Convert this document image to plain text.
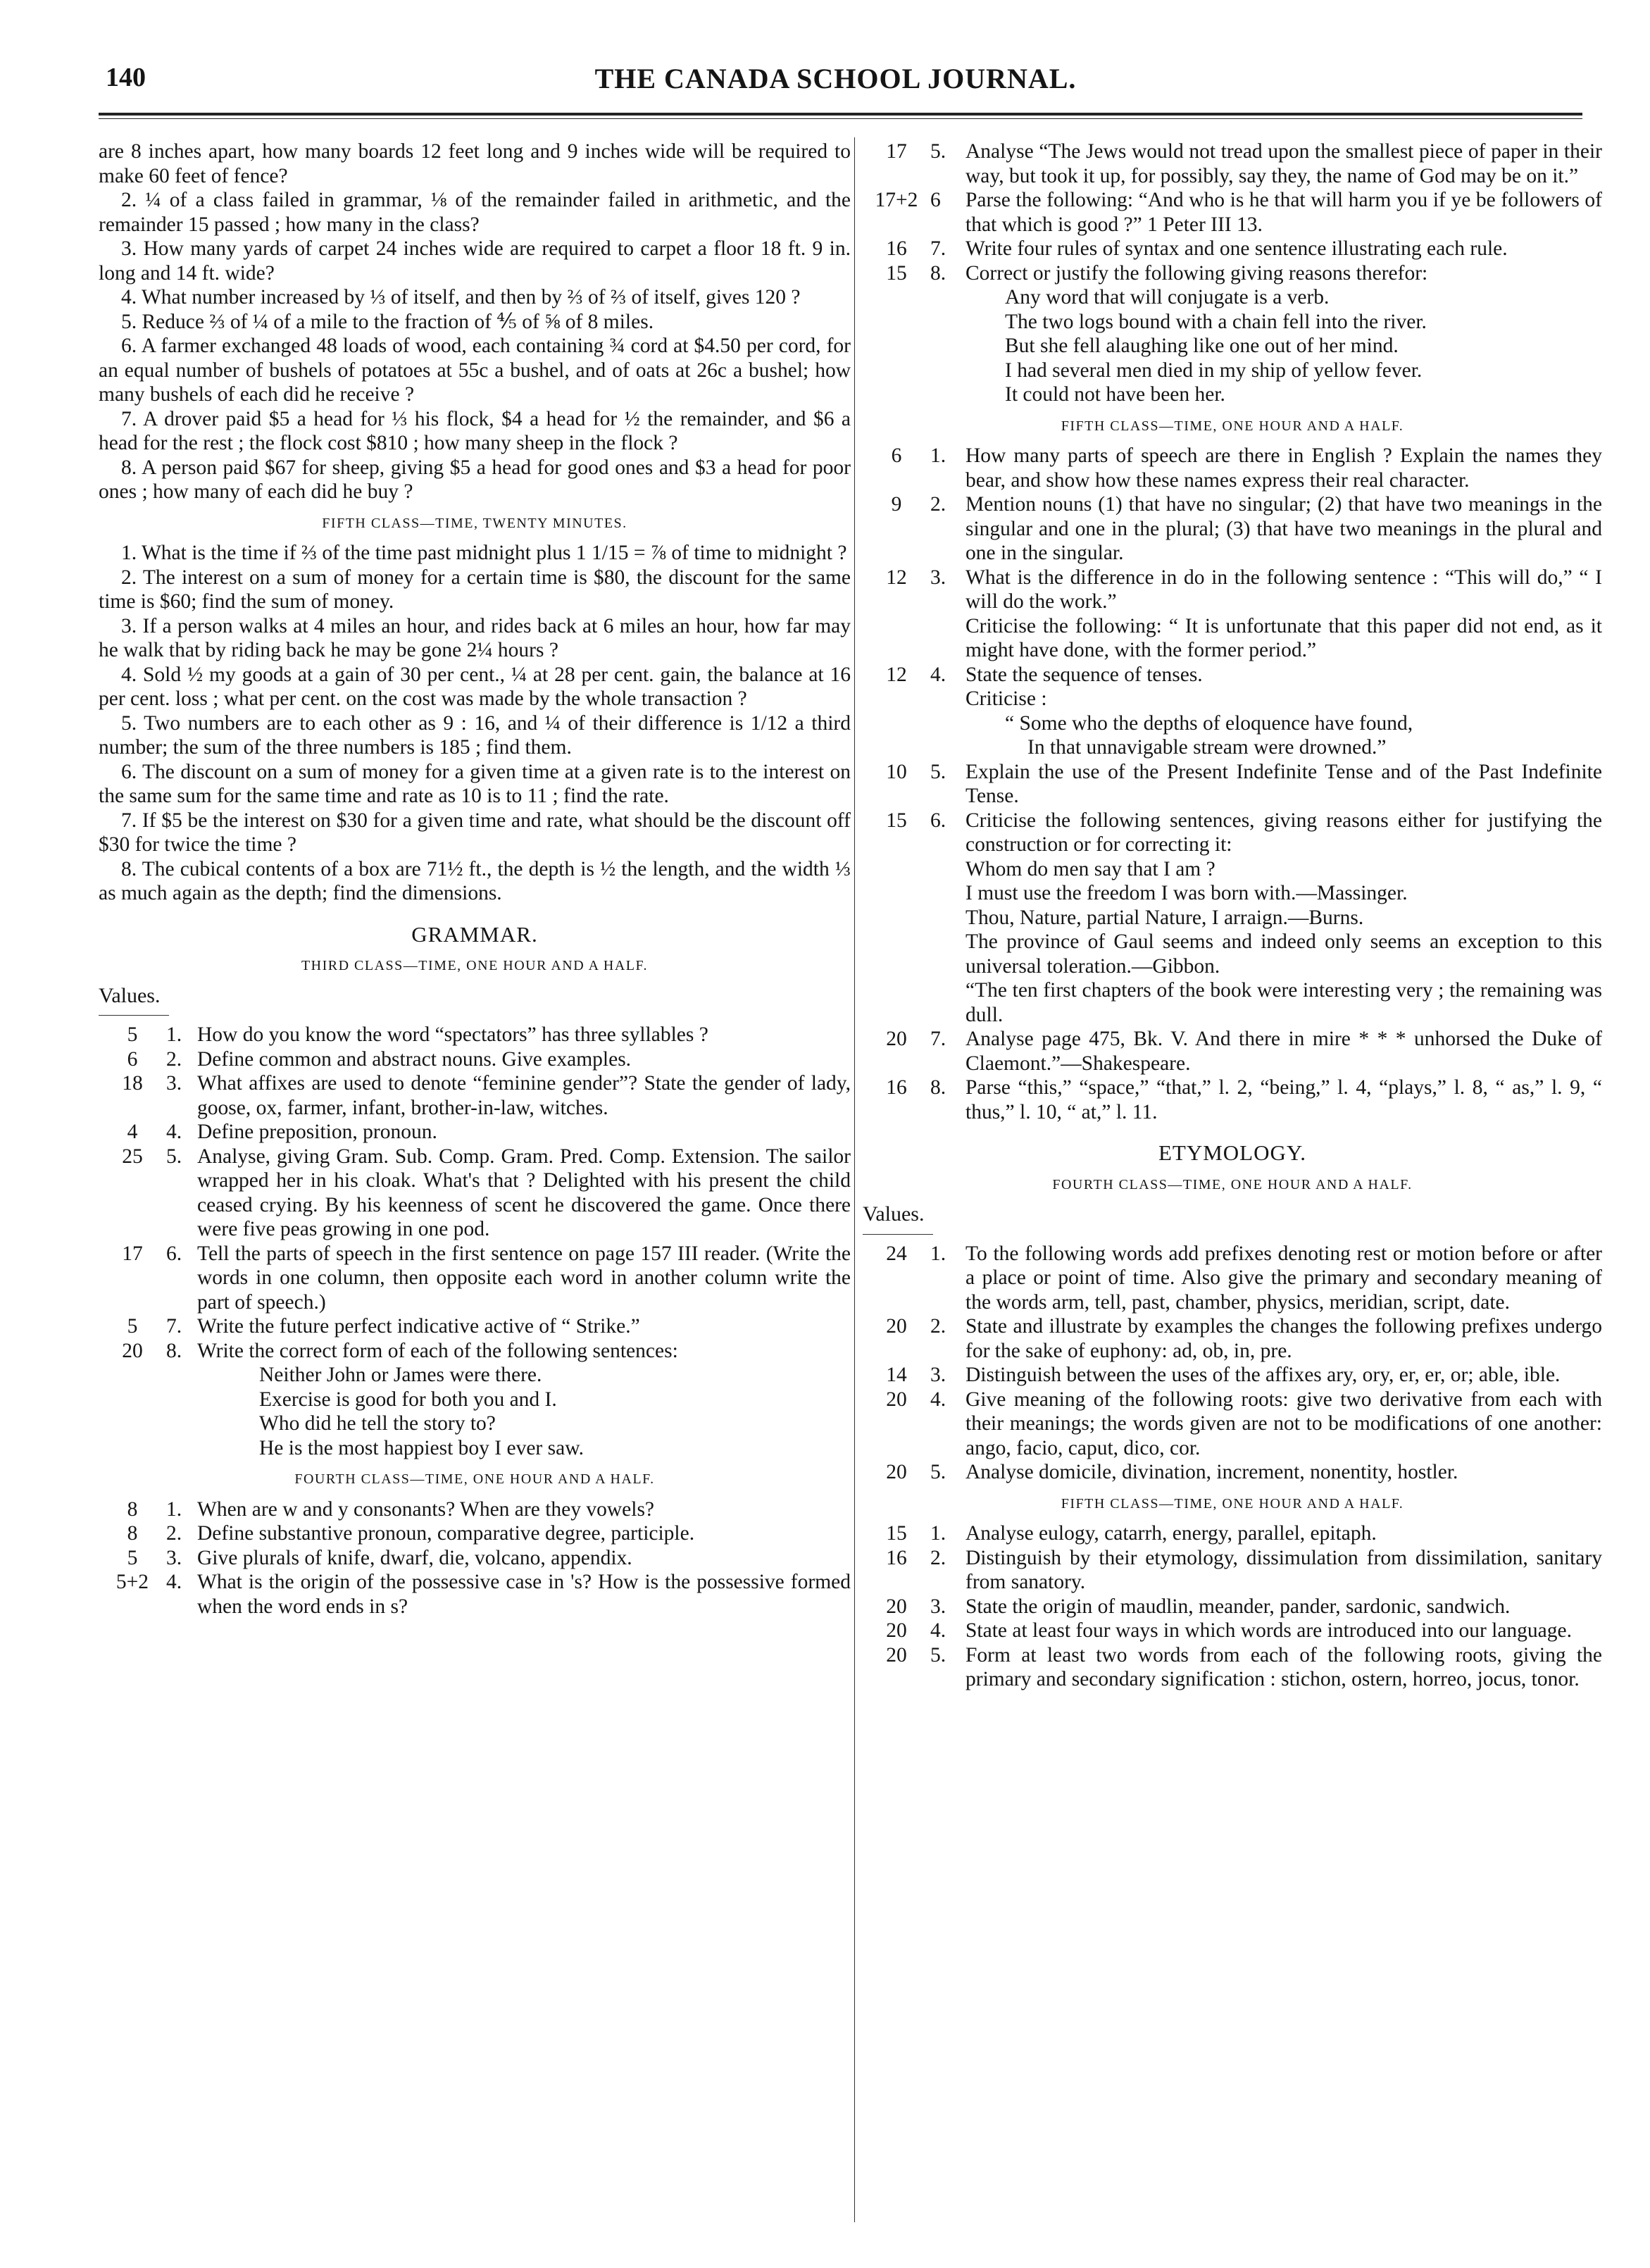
140	THE CANADA SCHOOL JOURNAL.

are 8 inches apart, how many boards 12 feet long and 9 inches wide will be required to make 60 feet of fence?

2. ¼ of a class failed in grammar, ⅛ of the remainder failed in arithmetic, and the remainder 15 passed ; how many in the class?

3. How many yards of carpet 24 inches wide are required to carpet a floor 18 ft. 9 in. long and 14 ft. wide?

4. What number increased by ⅓ of itself, and then by ⅔ of ⅔ of itself, gives 120 ?

5. Reduce ⅔ of ¼ of a mile to the fraction of ⅘ of ⅝ of 8 miles.

6. A farmer exchanged 48 loads of wood, each containing ¾ cord at $4.50 per cord, for an equal number of bushels of potatoes at 55c a bushel, and of oats at 26c a bushel; how many bushels of each did he receive ?

7. A drover paid $5 a head for ⅓ his flock, $4 a head for ½ the remainder, and $6 a head for the rest ; the flock cost $810 ; how many sheep in the flock ?

8. A person paid $67 for sheep, giving $5 a head for good ones and $3 a head for poor ones ; how many of each did he buy ?

FIFTH CLASS—TIME, TWENTY MINUTES.

1. What is the time if ⅔ of the time past midnight plus 1 1/15 = ⅞ of time to midnight ?

2. The interest on a sum of money for a certain time is $80, the discount for the same time is $60; find the sum of money.

3. If a person walks at 4 miles an hour, and rides back at 6 miles an hour, how far may he walk that by riding back he may be gone 2¼ hours ?

4. Sold ½ my goods at a gain of 30 per cent., ¼ at 28 per cent. gain, the balance at 16 per cent. loss ; what per cent. on the cost was made by the whole transaction ?

5. Two numbers are to each other as 9 : 16, and ¼ of their difference is 1/12 a third number; the sum of the three numbers is 185 ; find them.

6. The discount on a sum of money for a given time at a given rate is to the interest on the same sum for the same time and rate as 10 is to 11 ; find the rate.

7. If $5 be the interest on $30 for a given time and rate, what should be the discount off $30 for twice the time ?

8. The cubical contents of a box are 71½ ft., the depth is ½ the length, and the width ⅓ as much again as the depth; find the dimensions.

GRAMMAR.
THIRD CLASS—TIME, ONE HOUR AND A HALF.
Values.
5	1. How do you know the word “spectators” has three syllables ?
6	2. Define common and abstract nouns. Give examples.
18	3. What affixes are used to denote “feminine gender”? State the gender of lady, goose, ox, farmer, infant, brother-in-law, witches.
4	4. Define preposition, pronoun.
25	5. Analyse, giving Gram. Sub. Comp. Gram. Pred. Comp. Extension. The sailor wrapped her in his cloak. What's that ? Delighted with his present the child ceased crying. By his keenness of scent he discovered the game. Once there were five peas growing in one pod.
17	6. Tell the parts of speech in the first sentence on page 157 III reader. (Write the words in one column, then opposite each word in another column write the part of speech.)
5	7. Write the future perfect indicative active of “ Strike.”
20	8. Write the correct form of each of the following sentences:
Neither John or James were there.
Exercise is good for both you and I.
Who did he tell the story to?
He is the most happiest boy I ever saw.
FOURTH CLASS—TIME, ONE HOUR AND A HALF.
8	1. When are w and y consonants? When are they vowels?
8	2. Define substantive pronoun, comparative degree, participle.
5	3. Give plurals of knife, dwarf, die, volcano, appendix.
5+2 4. What is the origin of the possessive case in 's? How is the possessive formed when the word ends in s?
17	5. Analyse “The Jews would not tread upon the smallest piece of paper in their way, but took it up, for possibly, say they, the name of God may be on it.”
17+2 6	Parse the following: “And who is he that will harm you if ye be followers of that which is good ?” 1 Peter III 13.
16	7. Write four rules of syntax and one sentence illustrating each rule.
15	8. Correct or justify the following giving reasons therefor:
Any word that will conjugate is a verb.
The two logs bound with a chain fell into the river.
But she fell alaughing like one out of her mind.
I had several men died in my ship of yellow fever.
It could not have been her.
FIFTH CLASS—TIME, ONE HOUR AND A HALF.
6	1. How many parts of speech are there in English ? Explain the names they bear, and show how these names express their real character.
9	2. Mention nouns (1) that have no singular; (2) that have two meanings in the singular and one in the plural; (3) that have two meanings in the plural and one in the singular.
12	3. What is the difference in do in the following sentence : “This will do,” “ I will do the work.”
Criticise the following: “ It is unfortunate that this paper did not end, as it might have done, with the former period.”
12	4. State the sequence of tenses.
Criticise :
“ Some who the depths of eloquence have found,
In that unnavigable stream were drowned.”
10	5. Explain the use of the Present Indefinite Tense and of the Past Indefinite Tense.
15	6. Criticise the following sentences, giving reasons either for justifying the construction or for correcting it:
Whom do men say that I am ?
I must use the freedom I was born with.—Massinger.
Thou, Nature, partial Nature, I arraign.—Burns.
The province of Gaul seems and indeed only seems an exception to this universal toleration.—Gibbon.
“The ten first chapters of the book were interesting very ; the remaining was dull.
20	7. Analyse page 475, Bk. V. And there in mire * * * unhorsed the Duke of Claemont.”—Shakespeare.
16	8. Parse “this,” “space,” “that,” l. 2, “being,” l. 4, “plays,” l. 8, “ as,” l. 9, “ thus,” l. 10, “ at,” l. 11.
ETYMOLOGY.
FOURTH CLASS—TIME, ONE HOUR AND A HALF.
Values.
24	1. To the following words add prefixes denoting rest or motion before or after a place or point of time. Also give the primary and secondary meaning of the words arm, tell, past, chamber, physics, meridian, script, date.
20	2. State and illustrate by examples the changes the following prefixes undergo for the sake of euphony: ad, ob, in, pre.
14	3. Distinguish between the uses of the affixes ary, ory, er, er, or; able, ible.
20	4. Give meaning of the following roots: give two derivative from each with their meanings; the words given are not to be modifications of one another: ango, facio, caput, dico, cor.
20	5. Analyse domicile, divination, increment, nonentity, hostler.
FIFTH CLASS—TIME, ONE HOUR AND A HALF.
15	1. Analyse eulogy, catarrh, energy, parallel, epitaph.
16	2. Distinguish by their etymology, dissimulation from dissimilation, sanitary from sanatory.
20	3. State the origin of maudlin, meander, pander, sardonic, sandwich.
20	4. State at least four ways in which words are introduced into our language.
20	5. Form at least two words from each of the following roots, giving the primary and secondary signification : stichon, ostern, horreo, jocus, tonor.
